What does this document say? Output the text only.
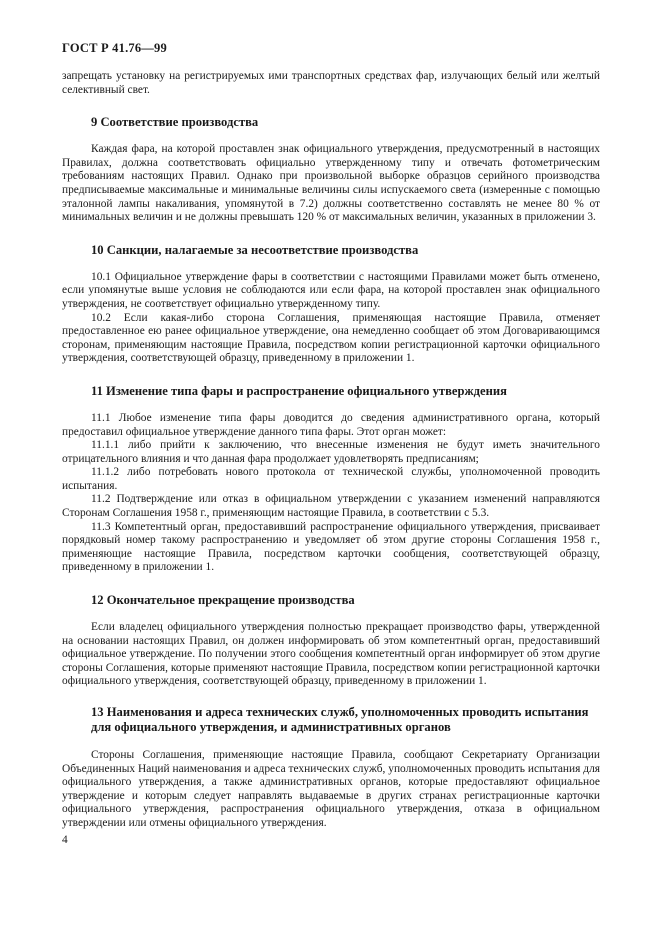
ГОСТ Р 41.76—99

запрещать установку на регистрируемых ими транспортных средствах фар, излучающих белый или желтый селективный свет.

9 Соответствие производства

Каждая фара, на которой проставлен знак официального утверждения, предусмотренный в настоящих Правилах, должна соответствовать официально утвержденному типу и отвечать фотометрическим требованиям настоящих Правил. Однако при произвольной выборке образцов серийного производства предписываемые максимальные и минимальные величины силы испускаемого света (измеренные с помощью эталонной лампы накаливания, упомянутой в 7.2) должны соответственно составлять не менее 80 % от минимальных величин и не должны превышать 120 % от максимальных величин, указанных в приложении 3.

10 Санкции, налагаемые за несоответствие производства

10.1 Официальное утверждение фары в соответствии с настоящими Правилами может быть отменено, если упомянутые выше условия не соблюдаются или если фара, на которой проставлен знак официального утверждения, не соответствует официально утвержденному типу.

10.2 Если какая-либо сторона Соглашения, применяющая настоящие Правила, отменяет предоставленное ею ранее официальное утверждение, она немедленно сообщает об этом Договаривающимся сторонам, применяющим настоящие Правила, посредством копии регистрационной карточки официального утверждения, соответствующей образцу, приведенному в приложении 1.

11 Изменение типа фары и распространение официального утверждения

11.1 Любое изменение типа фары доводится до сведения административного органа, который предоставил официальное утверждение данного типа фары. Этот орган может:

11.1.1 либо прийти к заключению, что внесенные изменения не будут иметь значительного отрицательного влияния и что данная фара продолжает удовлетворять предписаниям;

11.1.2 либо потребовать нового протокола от технической службы, уполномоченной проводить испытания.

11.2 Подтверждение или отказ в официальном утверждении с указанием изменений направляются Сторонам Соглашения 1958 г., применяющим настоящие Правила, в соответствии с 5.3.

11.3 Компетентный орган, предоставивший распространение официального утверждения, присваивает порядковый номер такому распространению и уведомляет об этом другие стороны Соглашения 1958 г., применяющие настоящие Правила, посредством карточки сообщения, соответствующей образцу, приведенному в приложении 1.

12 Окончательное прекращение производства

Если владелец официального утверждения полностью прекращает производство фары, утвержденной на основании настоящих Правил, он должен информировать об этом компетентный орган, предоставивший официальное утверждение. По получении этого сообщения компетентный орган информирует об этом другие стороны Соглашения, которые применяют настоящие Правила, посредством копии регистрационной карточки официального утверждения, соответствующей образцу, приведенному в приложении 1.

13 Наименования и адреса технических служб, уполномоченных проводить испытания для официального утверждения, и административных органов

Стороны Соглашения, применяющие настоящие Правила, сообщают Секретариату Организации Объединенных Наций наименования и адреса технических служб, уполномоченных проводить испытания для официального утверждения, а также административных органов, которые предоставляют официальное утверждение и которым следует направлять выдаваемые в других странах регистрационные карточки официального утверждения, распространения официального утверждения, отказа в официальном утверждении или отмены официального утверждения.

4
